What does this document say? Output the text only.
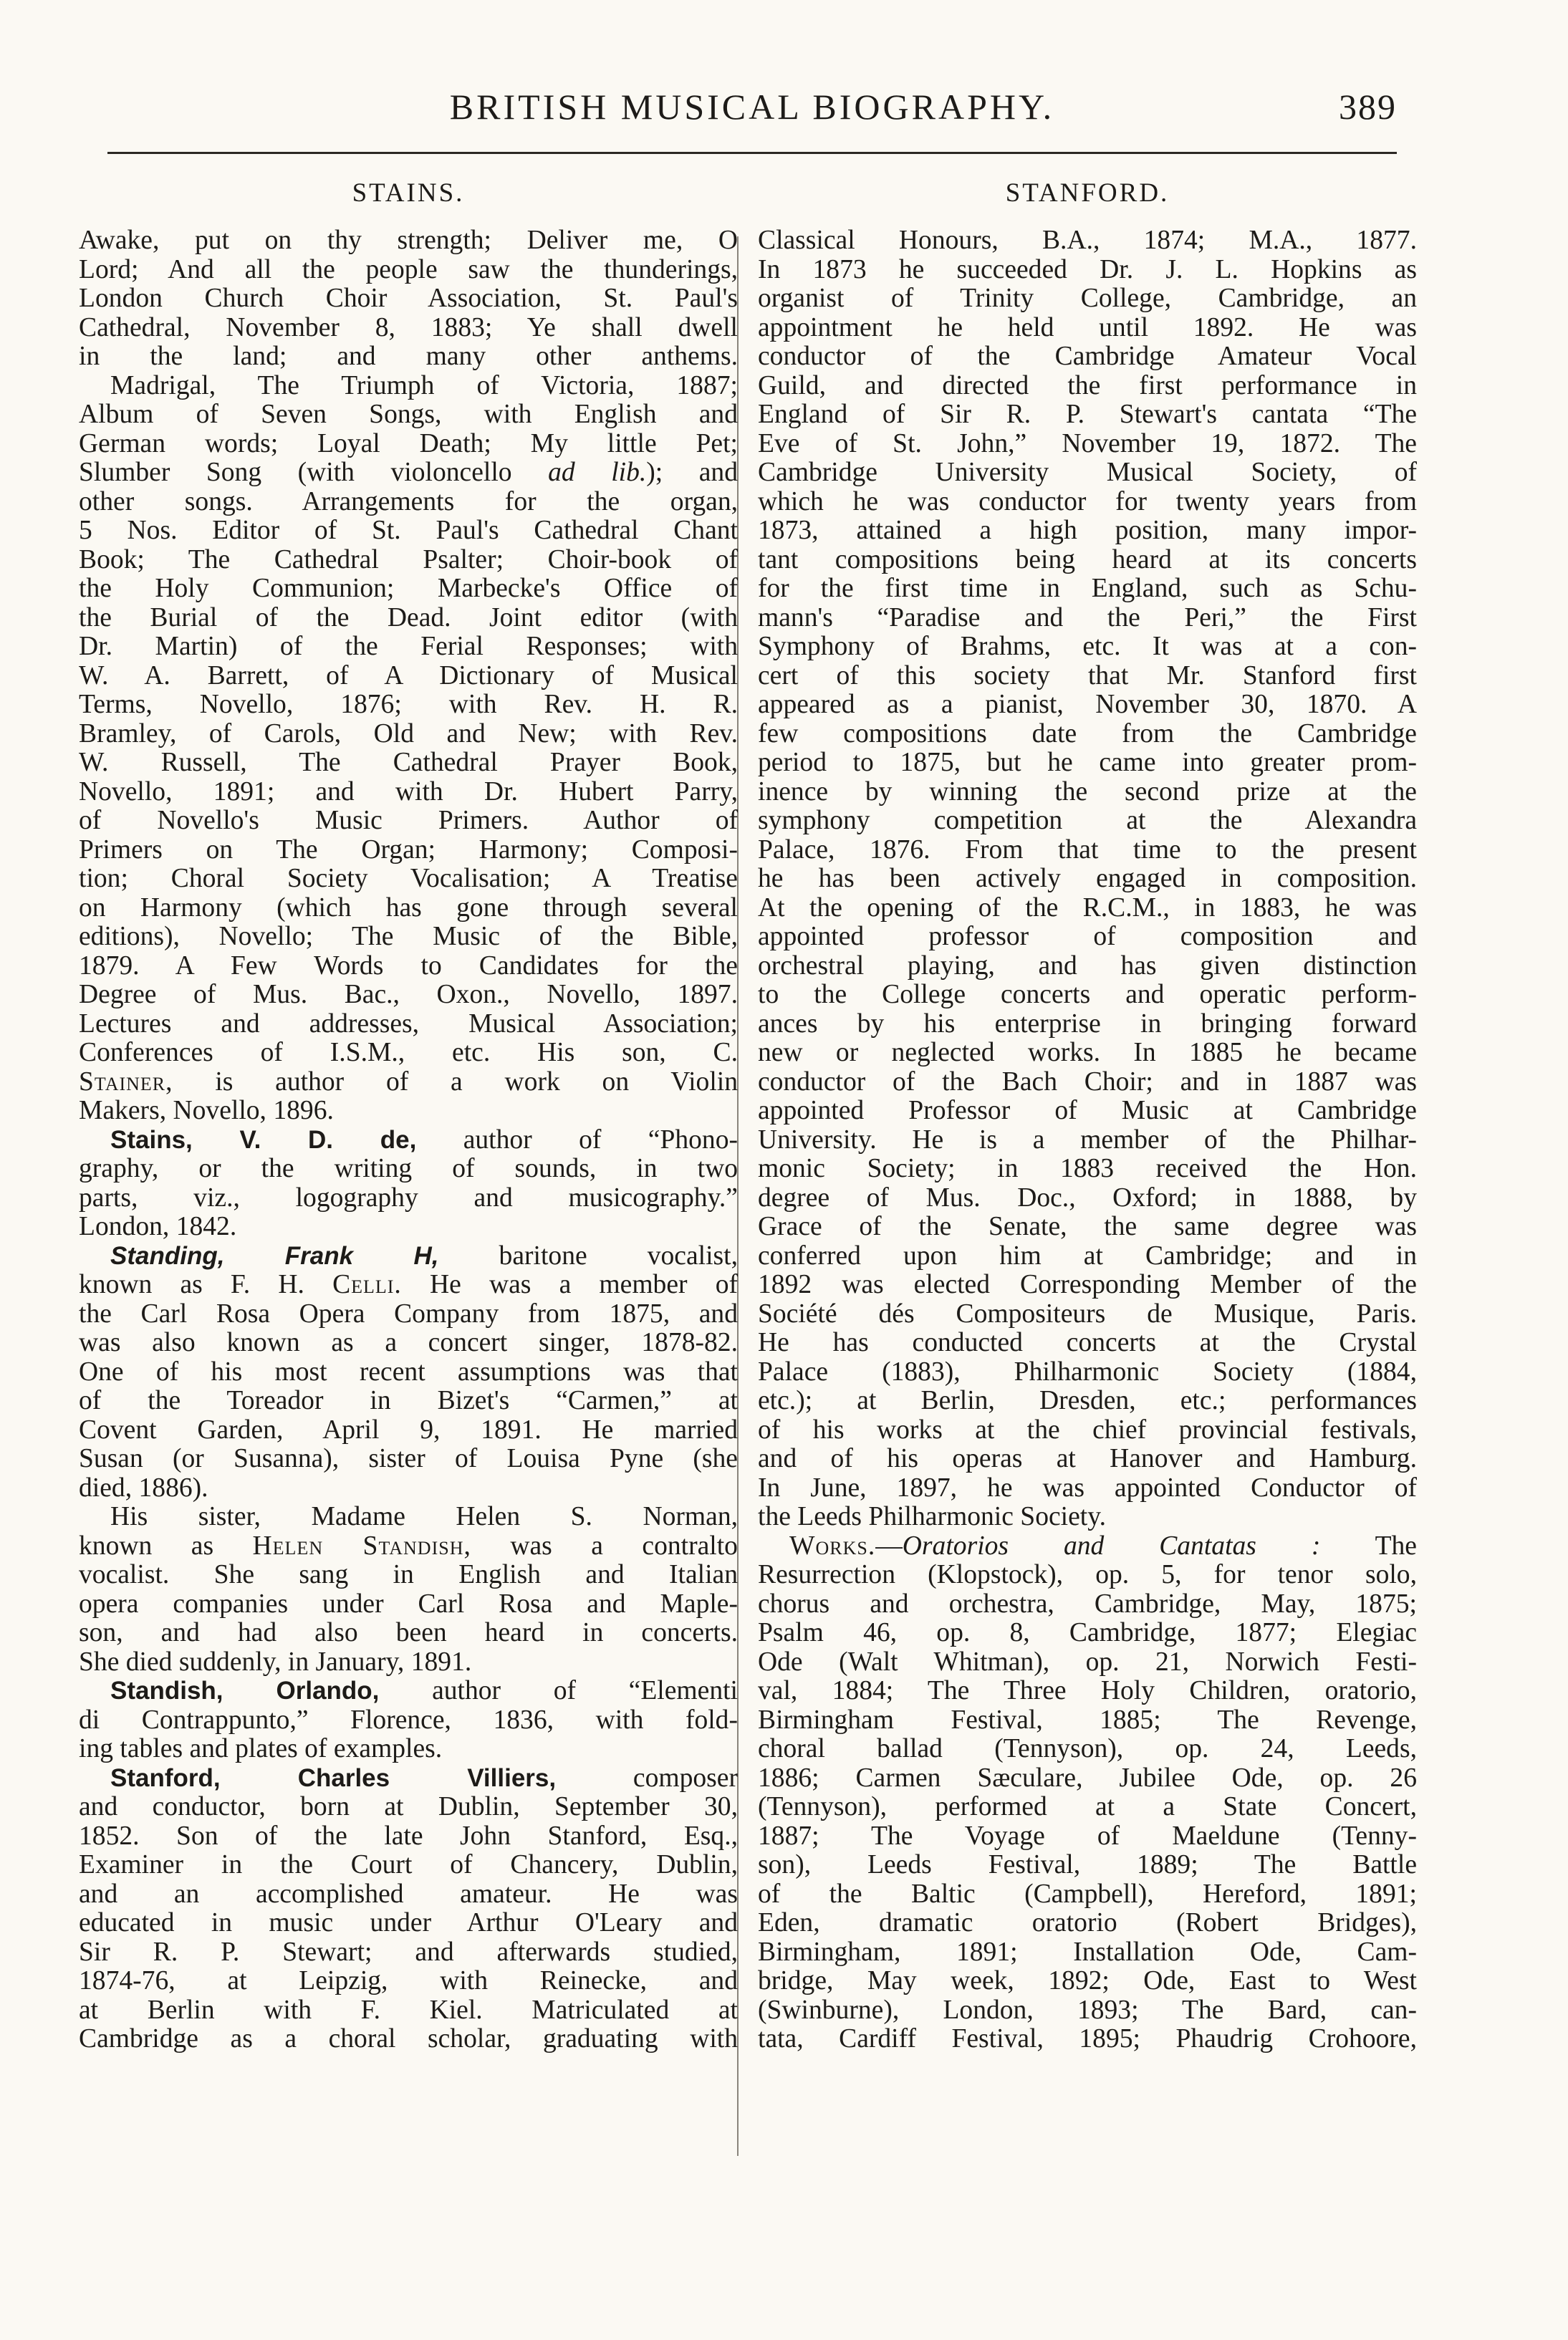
BRITISH MUSICAL BIOGRAPHY.	389
STAINS.
Awake, put on thy strength; Deliver me, O
Lord; And all the people saw the thunderings,
London Church Choir Association, St. Paul's
Cathedral, November 8, 1883; Ye shall dwell
in the land; and many other anthems.
Madrigal, The Triumph of Victoria, 1887;
Album of Seven Songs, with English and
German words; Loyal Death; My little Pet;
Slumber Song (with violoncello ad lib.); and
other songs. Arrangements for the organ,
5 Nos. Editor of St. Paul's Cathedral Chant
Book; The Cathedral Psalter; Choir-book of
the Holy Communion; Marbecke's Office of
the Burial of the Dead. Joint editor (with
Dr. Martin) of the Ferial Responses; with
W. A. Barrett, of A Dictionary of Musical
Terms, Novello, 1876; with Rev. H. R.
Bramley, of Carols, Old and New; with Rev.
W. Russell, The Cathedral Prayer Book,
Novello, 1891; and with Dr. Hubert Parry,
of Novello's Music Primers. Author of
Primers on The Organ; Harmony; Composi-
tion; Choral Society Vocalisation; A Treatise
on Harmony (which has gone through several
editions), Novello; The Music of the Bible,
1879. A Few Words to Candidates for the
Degree of Mus. Bac., Oxon., Novello, 1897.
Lectures and addresses, Musical Association;
Conferences of I.S.M., etc. His son, C.
Stainer, is author of a work on Violin
Makers, Novello, 1896.
Stains, V. D. de, author of “Phono-
graphy, or the writing of sounds, in two
parts, viz., logography and musicography.”
London, 1842.
Standing, Frank H, baritone vocalist,
known as F. H. Celli. He was a member of
the Carl Rosa Opera Company from 1875, and
was also known as a concert singer, 1878-82.
One of his most recent assumptions was that
of the Toreador in Bizet's “Carmen,” at
Covent Garden, April 9, 1891. He married
Susan (or Susanna), sister of Louisa Pyne (she
died, 1886).
His sister, Madame Helen S. Norman,
known as Helen Standish, was a contralto
vocalist. She sang in English and Italian
opera companies under Carl Rosa and Maple-
son, and had also been heard in concerts.
She died suddenly, in January, 1891.
Standish, Orlando, author of “Elementi
di Contrappunto,” Florence, 1836, with fold-
ing tables and plates of examples.
Stanford, Charles Villiers,	composer
and conductor, born at Dublin, September 30,
1852. Son of the late John Stanford, Esq.,
Examiner in the Court of Chancery, Dublin,
and an accomplished amateur. He was
educated in music under Arthur O'Leary and
Sir R. P. Stewart; and afterwards studied,
1874-76, at Leipzig, with Reinecke, and
at Berlin with F. Kiel. Matriculated at
Cambridge as a choral scholar, graduating with
STANFORD.
Classical Honours, B.A., 1874; M.A., 1877.
In 1873 he succeeded Dr. J. L. Hopkins as
organist of Trinity College, Cambridge, an
appointment he held until 1892. He was
conductor of the Cambridge Amateur Vocal
Guild, and directed the first performance in
England of Sir R. P. Stewart's cantata “The
Eve of St. John,” November 19, 1872. The
Cambridge University Musical Society, of
which he was conductor for twenty years from
1873, attained a high position, many impor-
tant compositions being heard at its concerts
for the first time in England, such as Schu-
mann's “Paradise and the Peri,” the First
Symphony of Brahms, etc. It was at a con-
cert of this society that Mr. Stanford first
appeared as a pianist, November 30, 1870. A
few compositions date from the Cambridge
period to 1875, but he came into greater prom-
inence by winning the second prize at the
symphony competition at the Alexandra
Palace, 1876. From that time to the present
he has been actively engaged in composition.
At the opening of the R.C.M., in 1883, he was
appointed professor of composition and
orchestral playing, and has given distinction
to the College concerts and operatic perform-
ances by his enterprise in bringing forward
new or neglected works. In 1885 he became
conductor of the Bach Choir; and in 1887 was
appointed Professor of Music at Cambridge
University. He is a member of the Philhar-
monic Society; in 1883 received the Hon.
degree of Mus. Doc., Oxford; in 1888, by
Grace of the Senate, the same degree was
conferred upon him at Cambridge; and in
1892 was elected Corresponding Member of the
Société dés Compositeurs de Musique, Paris.
He has conducted concerts at the Crystal
Palace (1883), Philharmonic Society (1884,
etc.); at Berlin, Dresden, etc.; performances
of his works at the chief provincial festivals,
and of his operas at Hanover and Hamburg.
In June, 1897, he was appointed Conductor of
the Leeds Philharmonic Society.
Works.—Oratorios and Cantatas : The
Resurrection (Klopstock), op. 5, for tenor solo,
chorus and orchestra, Cambridge, May, 1875;
Psalm 46, op. 8, Cambridge, 1877; Elegiac
Ode (Walt Whitman), op. 21, Norwich Festi-
val, 1884; The Three Holy Children, oratorio,
Birmingham Festival, 1885; The Revenge,
choral ballad (Tennyson), op. 24, Leeds,
1886; Carmen Sæculare, Jubilee Ode, op. 26
(Tennyson), performed at a State Concert,
1887; The Voyage of Maeldune (Tenny-
son), Leeds Festival, 1889; The Battle
of the Baltic (Campbell), Hereford, 1891;
Eden, dramatic oratorio (Robert Bridges),
Birmingham, 1891; Installation Ode, Cam-
bridge, May week, 1892; Ode, East to West
(Swinburne), London, 1893; The Bard, can-
tata, Cardiff Festival, 1895; Phaudrig Crohoore,
